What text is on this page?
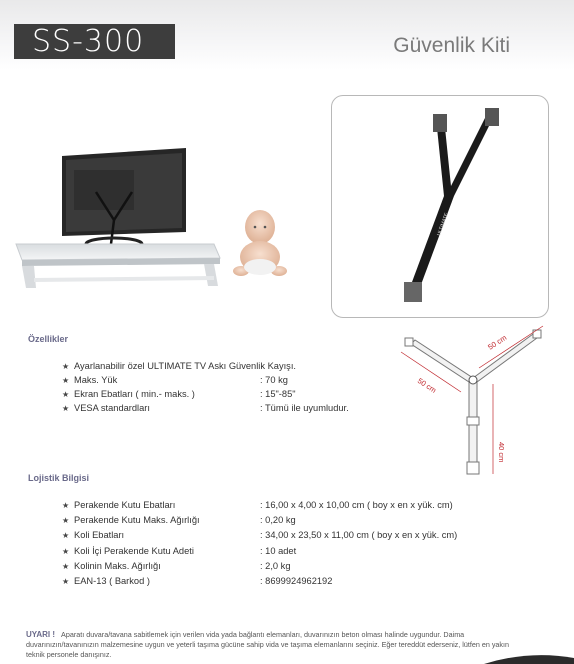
SS-300	Güvenlik Kiti
ULTIMATE
Özellikler
★ Ayarlanabilir özel ULTIMATE TV Askı Güvenlik Kayışı.
★ Maks. Yük	: 70 kg
★ Ekran Ebatları ( min.- maks. )	: 15"-85"
★ VESA standardları	: Tümü ile uyumludur.
Lojistik Bilgisi
★ Perakende Kutu Ebatları	: 16,00 x 4,00 x 10,00 cm ( boy x en x yük. cm)
★ Perakende Kutu Maks. Ağırlığı	: 0,20 kg
★ Koli Ebatları	: 34,00 x 23,50 x 11,00 cm ( boy x en x yük. cm)
★ Koli İçi Perakende Kutu Adeti	: 10 adet
★ Kolinin Maks. Ağırlığı	: 2,0 kg
★ EAN-13 ( Barkod )	: 8699924962192
50 cm
50 cm
40 cm
UYARI ! Aparatı duvara/tavana sabitlemek için verilen vida yada bağlantı elemanları, duvarınızın beton olması halinde uygundur. Daima duvarınızın/tavanınızın malzemesine uygun ve yeterli taşıma gücüne sahip vida ve taşıma elemanlarını seçiniz. Eğer tereddüt ederseniz, lütfen en yakın teknik personele danışınız.
